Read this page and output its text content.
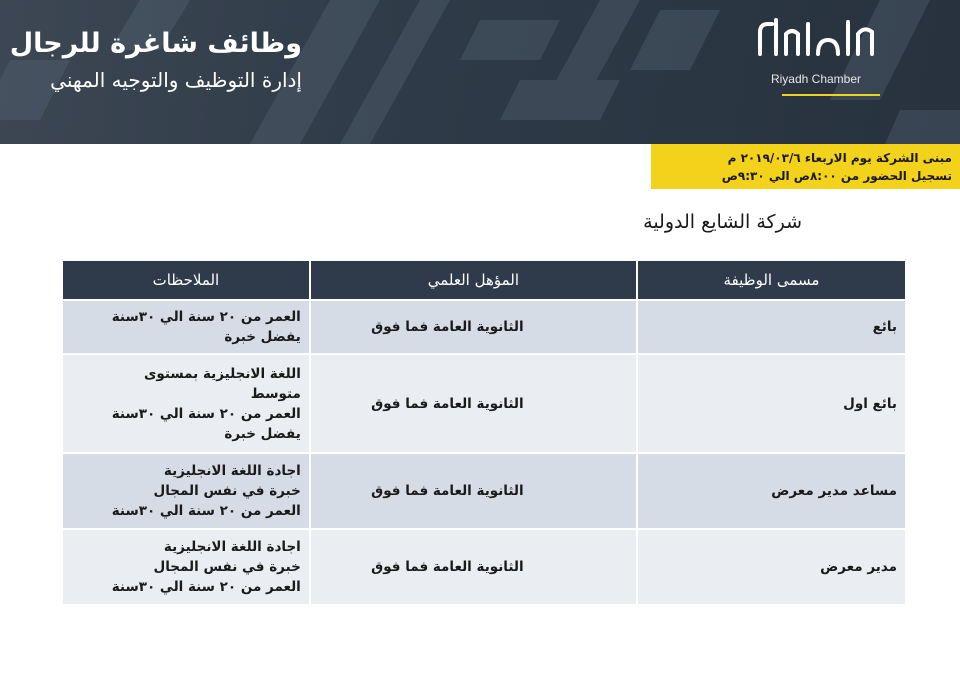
Riyadh Chamber
وظائف شاغرة للرجال
إدارة التوظيف والتوجيه المهني
مبنى الشركة يوم الاربعاء ٢٠١٩/٠٣/٦ م
تسجيل الحضور من ٨:٠٠ص الي ٩:٣٠ص
شركة الشايع الدولية
مسمى الوظيفة	المؤهل العلمي	الملاحظات
بائع	الثانوية العامة فما فوق	العمر من ٢٠ سنة الي ٣٠سنة
يفضل خبرة

بائع اول	الثانوية العامة فما فوق	اللغة الانجليزية بمستوى
متوسط
العمر من ٢٠ سنة الي ٣٠سنة
يفضل خبرة

مساعد مدير معرض	الثانوية العامة فما فوق	اجادة اللغة الانجليزية
خبرة في نفس المجال
العمر من ٢٠ سنة الي ٣٠سنة

مدير معرض	الثانوية العامة فما فوق	اجادة اللغة الانجليزية
خبرة في نفس المجال
العمر من ٢٠ سنة الي ٣٠سنة
